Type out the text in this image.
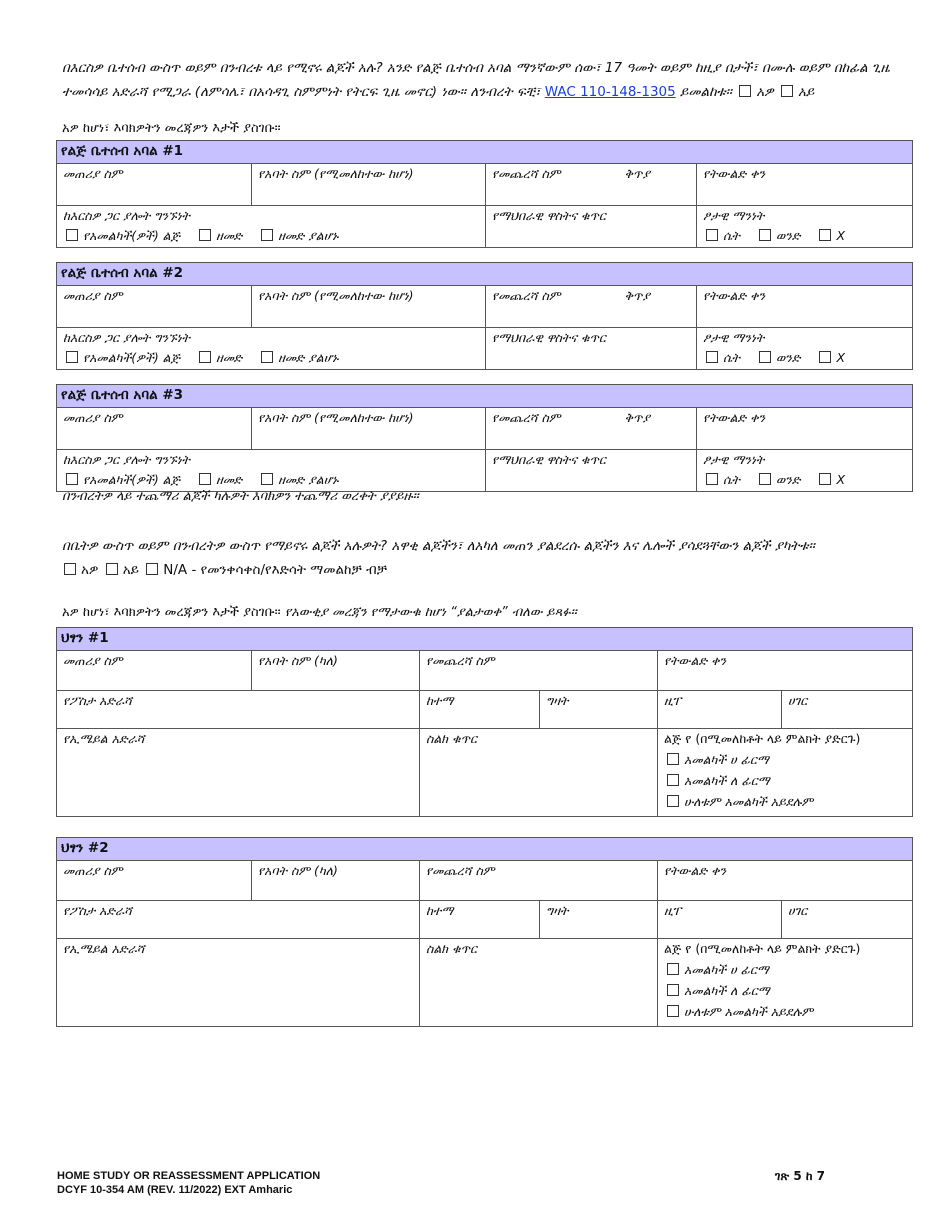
በእርስዎ ቤተሰብ ውስጥ ወይም በንብረቱ ላይ የሚኖሩ ልጆች አሉ? አንድ የልጅ ቤተሰብ አባል ማንኛውም ሰው፣ 17 ዓመት ወይም ከዚያ በታች፣ በሙሉ ወይም በከፊል ጊዜ ተመሳሳይ አድራሻ የሚጋራ (ለምሳሌ፣ በአሳዳጊ ስምምነት የትርፍ ጊዜ መኖር) ነው። ለንብረት ፍቺ፣ WAC 110-148-1305 ይመልከቱ። አዎ አይ
አዎ ከሆነ፣ እባክዎትን መረጃዎን እታች ያስገቡ፡፡
የልጅ ቤተሰብ አባል #1			

መጠሪያ ስም	የአባት ስም (የሚመለከተው ከሆነ)	የመጨረሻ ስም ቅጥያ	የትውልድ ቀን

ከእርስዎ ጋር ያሎት ግንኙነት
የአመልካች(ዎች) ልጅ ዘመድ ዘመድ ያልሆኑ		የማህበራዊ ዋስትና ቁጥር	ፆታዊ ማንነት
ሴት ወንድ X
የልጅ ቤተሰብ አባል #2			

መጠሪያ ስም	የአባት ስም (የሚመለከተው ከሆነ)	የመጨረሻ ስም ቅጥያ	የትውልድ ቀን

ከእርስዎ ጋር ያሎት ግንኙነት
የአመልካች(ዎች) ልጅ ዘመድ ዘመድ ያልሆኑ		የማህበራዊ ዋስትና ቁጥር	ፆታዊ ማንነት
ሴት ወንድ X
የልጅ ቤተሰብ አባል #3			

መጠሪያ ስም	የአባት ስም (የሚመለከተው ከሆነ)	የመጨረሻ ስም ቅጥያ	የትውልድ ቀን

ከእርስዎ ጋር ያሎት ግንኙነት
የአመልካች(ዎች) ልጅ ዘመድ ዘመድ ያልሆኑ		የማህበራዊ ዋስትና ቁጥር	ፆታዊ ማንነት
ሴት ወንድ X
በንብረትዎ ላይ ተጨማሪ ልጆች ካሉዎት እባክዎን ተጨማሪ ወረቀት ያያይዙ።
በቤትዎ ውስጥ ወይም በንብረትዎ ውስጥ የማይኖሩ ልጆች አሉዎት? አዋቂ ልጆችን፣ ለአካለ መጠን ያልደረሱ ልጆችን እና ሌሎች ያሳደጓቸውን ልጆች ያካትቱ።
አዎ አይ N/A - የመንቀሳቀስ/የእድሳት ማመልከቻ ብቻ
አዎ ከሆነ፣ እባክዎትን መረጃዎን እታች ያስገቡ፡፡ የአውቂያ መረጃን የማታውቁ ከሆነ “ያልታወቀ” ብለው ይጻፉ።
ህፃን #1					

መጠሪያ ስም	የአባት ስም (ካለ)	የመጨረሻ ስም		የትውልድ ቀን	

የፖስታ አድራሻ		ከተማ	ግዛት	ዚፐ	ሀገር

የኢሜይል አድራሻ		ስልክ ቁጥር		ልጅ የ (በሚመለከቶት ላይ ምልክት ያድርጉ)
አመልካች ሀ ፊርማ
አመልካች ለ ፊርማ
ሁለቱም አመልካች አይደሉም	
ህፃን #2					

መጠሪያ ስም	የአባት ስም (ካለ)	የመጨረሻ ስም		የትውልድ ቀን	

የፖስታ አድራሻ		ከተማ	ግዛት	ዚፐ	ሀገር

የኢሜይል አድራሻ		ስልክ ቁጥር		ልጅ የ (በሚመለከቶት ላይ ምልክት ያድርጉ)
አመልካች ሀ ፊርማ
አመልካች ለ ፊርማ
ሁለቱም አመልካች አይደሉም	
HOME STUDY OR REASSESSMENT APPLICATION
DCYF 10-354 AM (REV. 11/2022) EXT Amharic
ገጽ 5 ከ 7
